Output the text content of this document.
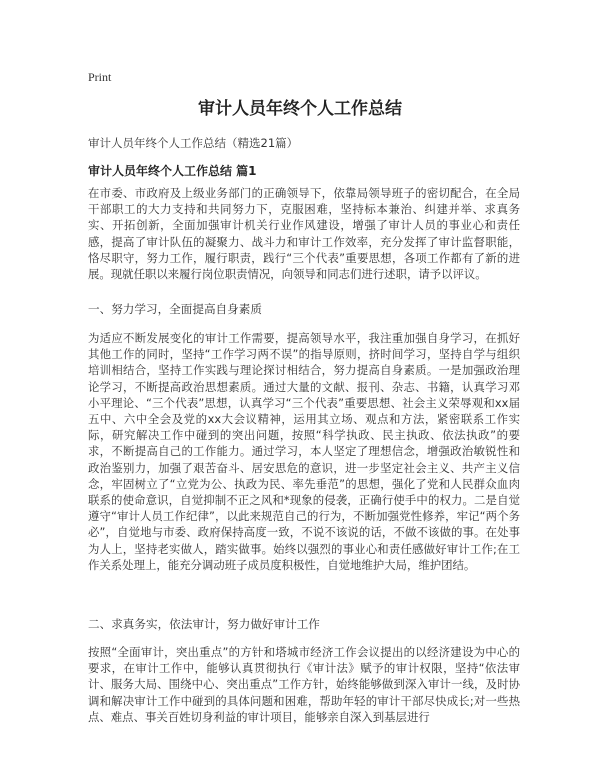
Print
审计人员年终个人工作总结
审计人员年终个人工作总结（精选21篇）
审计人员年终个人工作总结 篇1

在市委、市政府及上级业务部门的正确领导下，依靠局领导班子的密切配合，在全局干部职工的大力支持和共同努力下，克服困难，坚持标本兼治、纠建并举、求真务实、开拓创新，全面加强审计机关行业作风建设，增强了审计人员的事业心和责任感，提高了审计队伍的凝聚力、战斗力和审计工作效率，充分发挥了审计监督职能，恪尽职守，努力工作，履行职责，践行“三个代表”重要思想，各项工作都有了新的进展。现就任职以来履行岗位职责情况，向领导和同志们进行述职，请予以评议。

一、努力学习，全面提高自身素质

为适应不断发展变化的审计工作需要，提高领导水平，我注重加强自身学习，在抓好其他工作的同时，坚持“工作学习两不误”的指导原则，挤时间学习，坚持自学与组织培训相结合，坚持工作实践与理论探讨相结合，努力提高自身素质。一是加强政治理论学习，不断提高政治思想素质。通过大量的文献、报刊、杂志、书籍，认真学习邓小平理论、“三个代表”思想，认真学习“三个代表”重要思想、社会主义荣辱观和xx届五中、六中全会及党的xx大会议精神，运用其立场、观点和方法，紧密联系工作实际，研究解决工作中碰到的突出问题，按照“科学执政、民主执政、依法执政”的要求，不断提高自己的工作能力。通过学习，本人坚定了理想信念，增强政治敏锐性和政治鉴别力，加强了艰苦奋斗、居安思危的意识，进一步坚定社会主义、共产主义信念，牢固树立了“立党为公、执政为民、率先垂范”的思想，强化了党和人民群众血肉联系的使命意识，自觉抑制不正之风和*现象的侵袭，正确行使手中的权力。二是自觉遵守“审计人员工作纪律”，以此来规范自己的行为，不断加强党性修养，牢记“两个务必”，自觉地与市委、政府保持高度一致，不说不该说的话，不做不该做的事。在处事为人上，坚持老实做人，踏实做事。始终以强烈的事业心和责任感做好审计工作;在工作关系处理上，能充分调动班子成员度积极性，自觉地维护大局，维护团结。

二、求真务实，依法审计，努力做好审计工作

按照“全面审计，突出重点”的方针和塔城市经济工作会议提出的以经济建设为中心的要求，在审计工作中，能够认真贯彻执行《审计法》赋予的审计权限，坚持“依法审计、服务大局、围绕中心、突出重点”工作方针，始终能够做到深入审计一线，及时协调和解决审计工作中碰到的具体问题和困难，帮助年轻的审计干部尽快成长;对一些热点、难点、事关百姓切身利益的审计项目，能够亲自深入到基层进行
